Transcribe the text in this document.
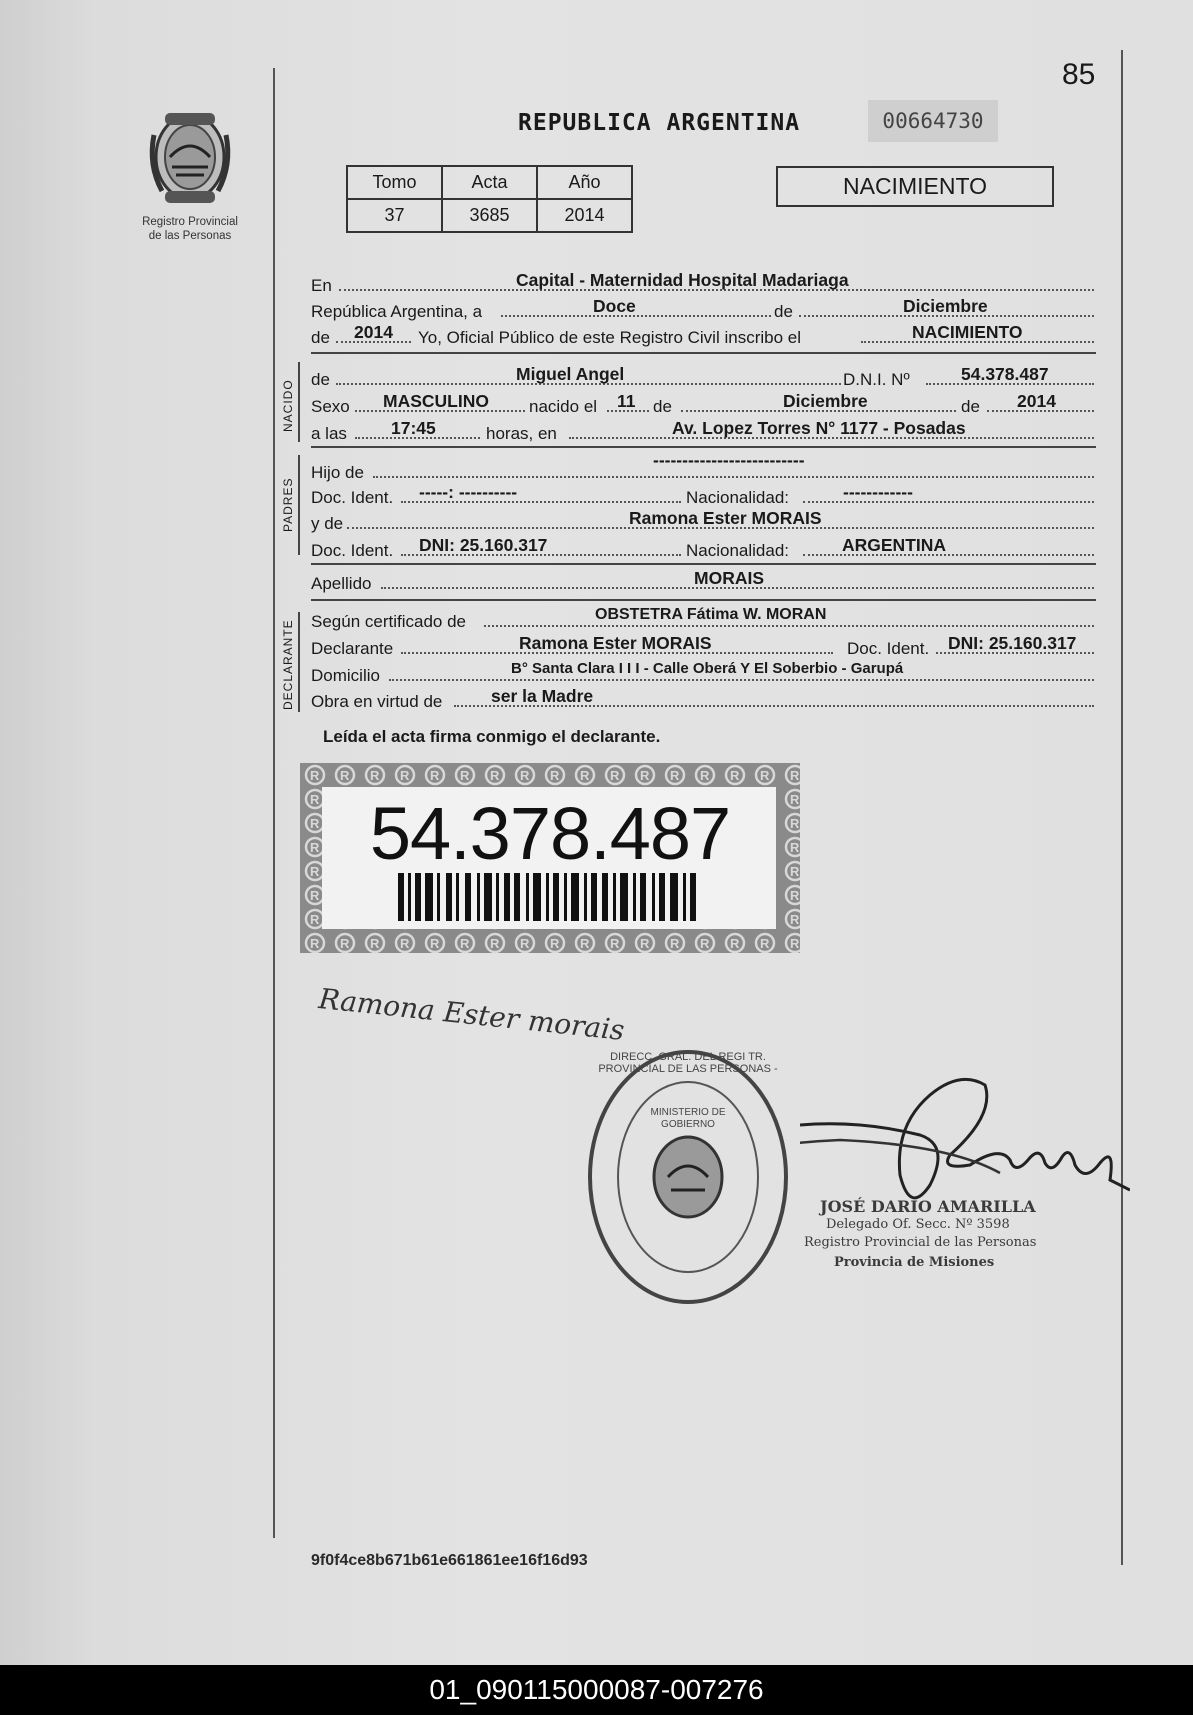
85
Registro Provincial
de las Personas
REPUBLICA ARGENTINA	00664730
Tomo	Acta	Año
37	3685	2014
NACIMIENTO
En	Capital - Maternidad Hospital Madariaga
República Argentina, a	Doce	de	Diciembre
de 2014 Yo, Oficial Público de este Registro Civil inscribo el	NACIMIENTO
NACIDO de	Miguel Angel	D.N.I. Nº	54.378.487
Sexo MASCULINO nacido el 11 de	Diciembre	de 2014
a las	17:45	horas, en	Av. Lopez Torres N° 1177 - Posadas
PADRES
Hijo de
--------------------------
Doc. Ident. -----: ----------	Nacionalidad:	------------
y de	Ramona Ester MORAIS
Doc. Ident. DNI: 25.160.317	Nacionalidad:	ARGENTINA
Apellido	MORAIS
DECLARANTE Según certificado de	OBSTETRA Fátima W. MORAN
Declarante	Ramona Ester MORAIS	Doc. Ident. DNI: 25.160.317
Domicilio	B° Santa Clara I I I - Calle Oberá Y El Soberbio - Garupá
Obra en virtud de	ser la Madre
Leída el acta firma conmigo el declarante.
54.378.487
Ramona Ester morais
DIRECC. GRAL. DEL REGI TR. PROVINCIAL DE LAS PERSONAS -
MINISTERIO DE GOBIERNO
JOSÉ DARIO AMARILLA
Delegado Of. Secc. Nº 3598
Registro Provincial de las Personas
Provincia de Misiones
9f0f4ce8b671b61e661861ee16f16d93
01_090115000087-007276
